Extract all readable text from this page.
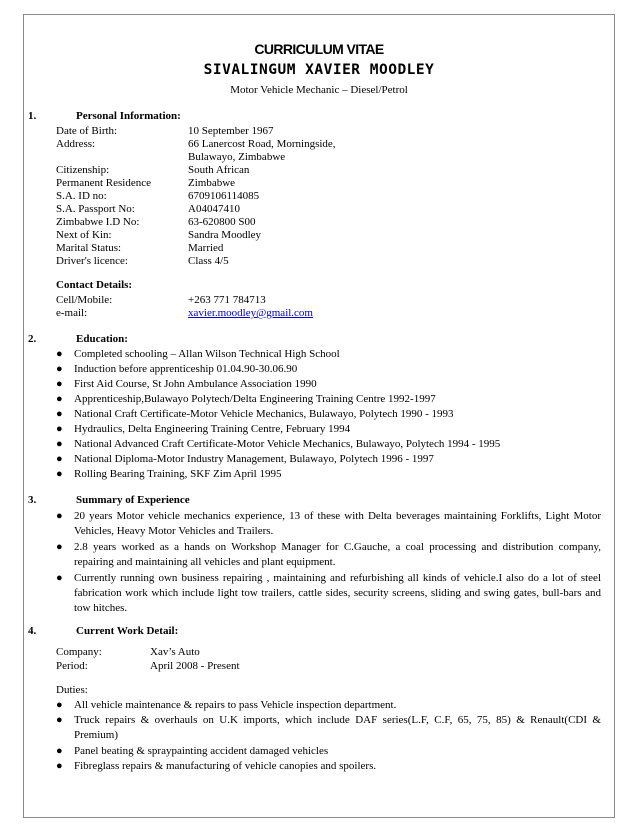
CURRICULUM VITAE
SIVALINGUM XAVIER MOODLEY
Motor Vehicle Mechanic – Diesel/Petrol
1.	Personal Information:
Date of Birth:	10 September 1967
Address:	66 Lanercost Road, Morningside,
Bulawayo, Zimbabwe
Citizenship:	South African
Permanent Residence	Zimbabwe
S.A. ID no:	6709106114085
S.A. Passport No:	A04047410
Zimbabwe I.D No:	63-620800 S00
Next of Kin:	Sandra Moodley
Marital Status:	Married
Driver's licence:	Class 4/5
Contact Details:
Cell/Mobile:	+263 771 784713
e-mail:	xavier.moodley@gmail.com
2.	Education:
● Completed schooling – Allan Wilson Technical High School
● Induction before apprenticeship 01.04.90-30.06.90
● First Aid Course, St John Ambulance Association 1990
● Apprenticeship,Bulawayo Polytech/Delta Engineering Training Centre 1992-1997
● National Craft Certificate-Motor Vehicle Mechanics, Bulawayo, Polytech 1990 - 1993
● Hydraulics, Delta Engineering Training Centre, February 1994
● National Advanced Craft Certificate-Motor Vehicle Mechanics, Bulawayo, Polytech 1994 - 1995
● National Diploma-Motor Industry Management, Bulawayo, Polytech 1996 - 1997
● Rolling Bearing Training, SKF Zim April 1995
3.	Summary of Experience
● 20 years Motor vehicle mechanics experience, 13 of these with Delta beverages maintaining Forklifts, Light Motor Vehicles, Heavy Motor Vehicles and Trailers.
● 2.8 years worked as a hands on Workshop Manager for C.Gauche, a coal processing and distribution company, repairing and maintaining all vehicles and plant equipment.
● Currently running own business repairing , maintaining and refurbishing all kinds of vehicle.I also do a lot of steel fabrication work which include light tow trailers, cattle sides, security screens, sliding and swing gates, bull-bars and tow hitches.
4.	Current Work Detail:
Company:	Xav’s Auto
Period:	April 2008 - Present
Duties:
● All vehicle maintenance & repairs to pass Vehicle inspection department.
● Truck repairs & overhauls on U.K imports, which include DAF series(L.F, C.F, 65, 75, 85) & Renault(CDI & Premium)
● Panel beating & spraypainting accident damaged vehicles
● Fibreglass repairs & manufacturing of vehicle canopies and spoilers.
